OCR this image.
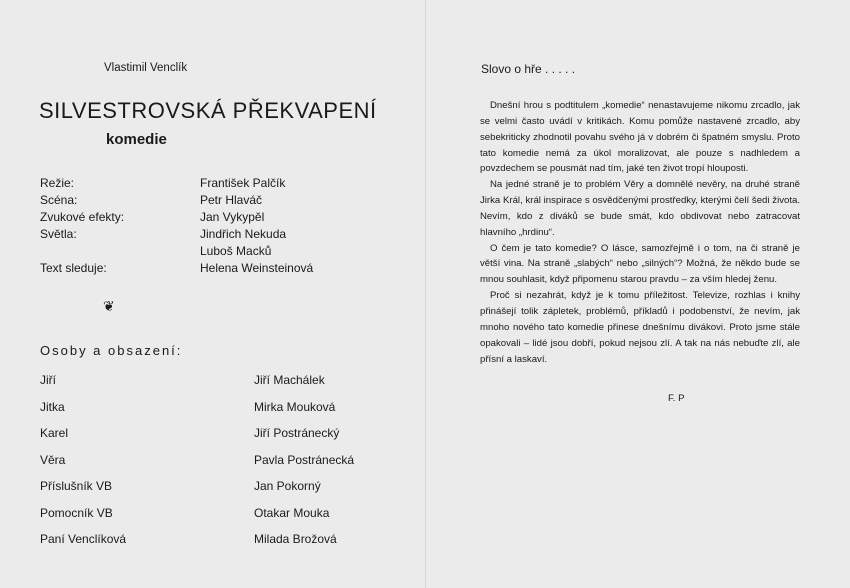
Vlastimil Venclík
SILVESTROVSKÁ PŘEKVAPENÍ
komedie
Režie:	František Palčík
Scéna:	Petr Hlaváč
Zvukové efekty:	Jan Vykypěl
Světla:	Jindřich Nekuda
Luboš Macků
Text sleduje:	Helena Weinsteinová
❦
Osoby a obsazení:
Jiří	Jiří Machálek
Jitka	Mirka Mouková
Karel	Jiří Postránecký
Věra	Pavla Postránecká
Příslušník VB	Jan Pokorný
Pomocník VB	Otakar Mouka
Paní Venclíková	Milada Brožová
Slovo o hře . . . . .

Dnešní hrou s podtitulem „komedie“ nenastavujeme nikomu zrcadlo, jak se velmi často uvádí v kritikách. Komu pomůže nastavené zrcadlo, aby sebekriticky zhodnotil povahu svého já v dobrém či špatném smyslu. Proto tato komedie nemá za úkol moralizovat, ale pouze s nadhledem a povzdechem se pousmát nad tím, jaké ten život tropí hlouposti.

Na jedné straně je to problém Věry a domnělé nevěry, na druhé straně Jirka Král, král inspirace s osvědčenými prostředky, kterými čelí šedi života. Nevím, kdo z diváků se bude smát, kdo obdivovat nebo zatracovat hlavního „hrdinu“.

O čem je tato komedie? O lásce, samozřejmě i o tom, na či straně je větší vina. Na straně „slabých“ nebo „silných“? Možná, že někdo bude se mnou souhlasit, když připomenu starou pravdu – za vším hledej ženu.

Proč si nezahrát, když je k tomu příležitost. Televize, rozhlas i knihy přinášejí tolik zápletek, problémů, příkladů i podobenství, že nevím, jak mnoho nového tato komedie přinese dnešnímu divákovi. Proto jsme stále opakovali – lidé jsou dobří, pokud nejsou zlí. A tak na nás nebuďte zlí, ale přísní a laskaví.

F. P
